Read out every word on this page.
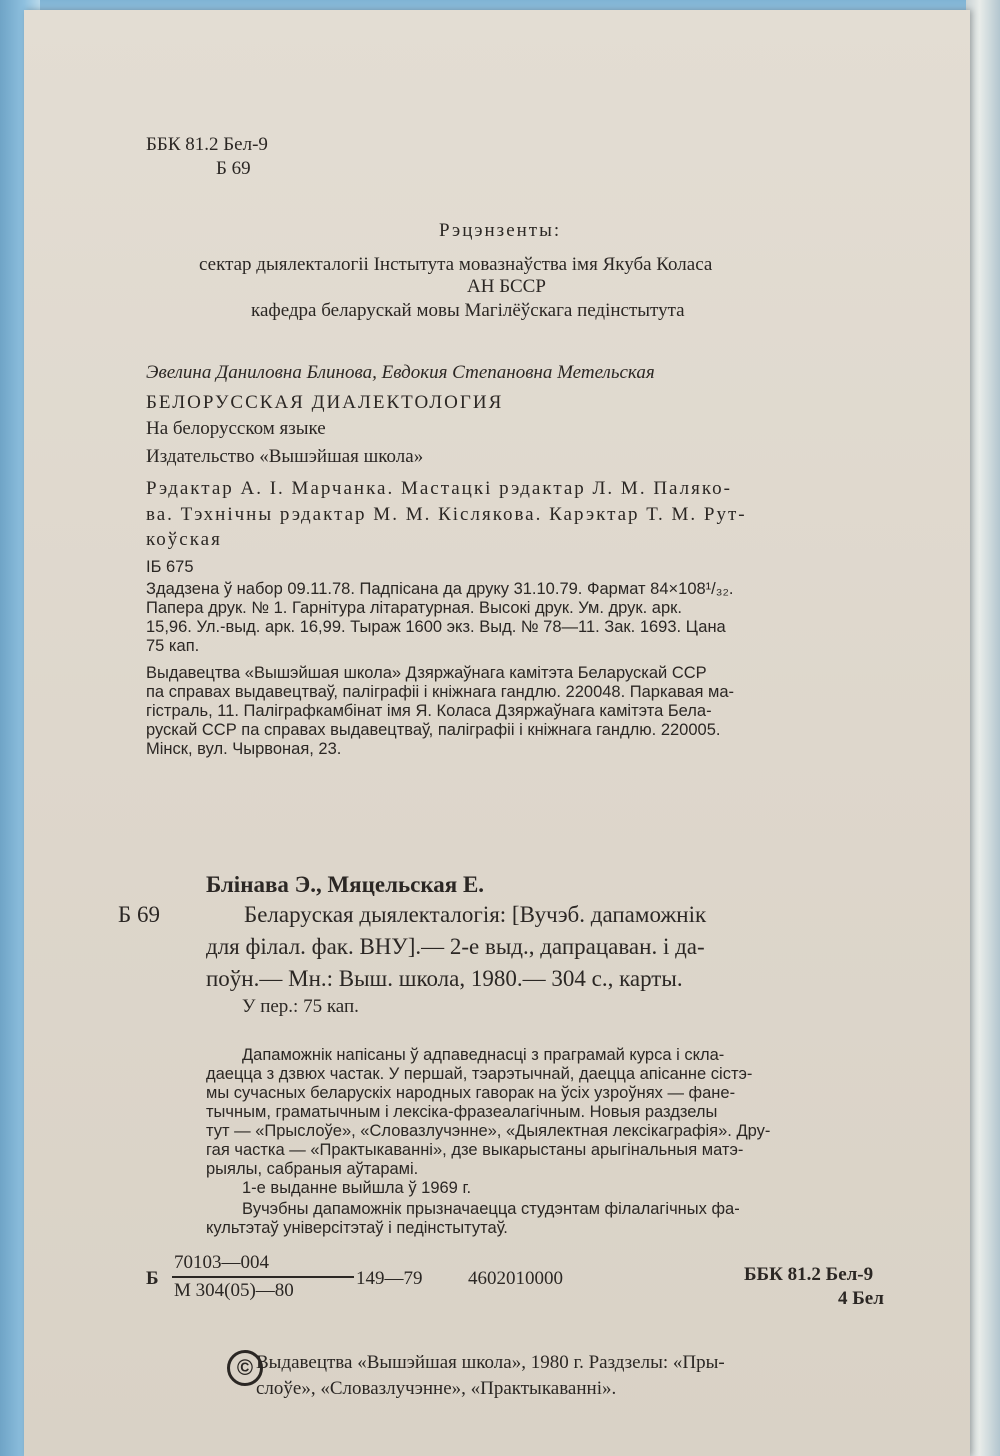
ББК 81.2 Бел-9
Б 69
Рэцэнзенты:
сектар дыялекталогіі Інстытута мовазнаўства імя Якуба Коласа
АН БССР
кафедра беларускай мовы Магілёўскага педінстытута
Эвелина Даниловна Блинова, Евдокия Степановна Метельская
БЕЛОРУССКАЯ ДИАЛЕКТОЛОГИЯ
На белорусском языке
Издательство «Вышэйшая школа»
Рэдактар А. І. Марчанка. Мастацкі рэдактар Л. М. Паляко-
ва. Тэхнічны рэдактар М. М. Кіслякова. Карэктар Т. М. Рут-
коўская
ІБ 675
Здадзена ў набор 09.11.78. Падпісана да друку 31.10.79. Фармат 84×108¹/₃₂.
Папера друк. № 1. Гарнітура літаратурная. Высокі друк. Ум. друк. арк.
15,96. Ул.-выд. арк. 16,99. Тыраж 1600 экз. Выд. № 78—11. Зак. 1693. Цана
75 кап.
Выдавецтва «Вышэйшая школа» Дзяржаўнага камітэта Беларускай ССР
па справах выдавецтваў, паліграфіі і кніжнага гандлю. 220048. Паркавая ма-
гістраль, 11. Паліграфкамбінат імя Я. Коласа Дзяржаўнага камітэта Бела-
рускай ССР па справах выдавецтваў, паліграфіі і кніжнага гандлю. 220005.
Мінск, вул. Чырвоная, 23.
Блінава Э., Мяцельская Е.
Б 69	Беларуская дыялекталогія: [Вучэб. дапаможнік
для філал. фак. ВНУ].— 2-е выд., дапрацаван. і да-
поўн.— Мн.: Выш. школа, 1980.— 304 с., карты.
У пер.: 75 кап.
Дапаможнік напісаны ў адпаведнасці з праграмай курса і скла-
даецца з дзвюх частак. У першай, тэарэтычнай, даецца апісанне сістэ-
мы сучасных беларускіх народных гаворак на ўсіх узроўнях — фане-
тычным, граматычным і лексіка-фразеалагічным. Новыя раздзелы
тут — «Прыслоўе», «Словазлучэнне», «Дыялектная лексікаграфія». Дру-
гая частка — «Практыкаванні», дзе выкарыстаны арыгінальныя матэ-
рыялы, сабраныя аўтарамі.
1-е выданне выйшла ў 1969 г.
Вучэбны дапаможнік прызначаецца студэнтам філалагічных фа-
культэтаў універсітэтаў і педінстытутаў.
Б
70103—004
М 304(05)—80
149—79 4602010000	ББК 81.2 Бел-9
4 Бел
© Выдавецтва «Вышэйшая школа», 1980 г. Раздзелы: «Пры-
слоўе», «Словазлучэнне», «Практыкаванні».
